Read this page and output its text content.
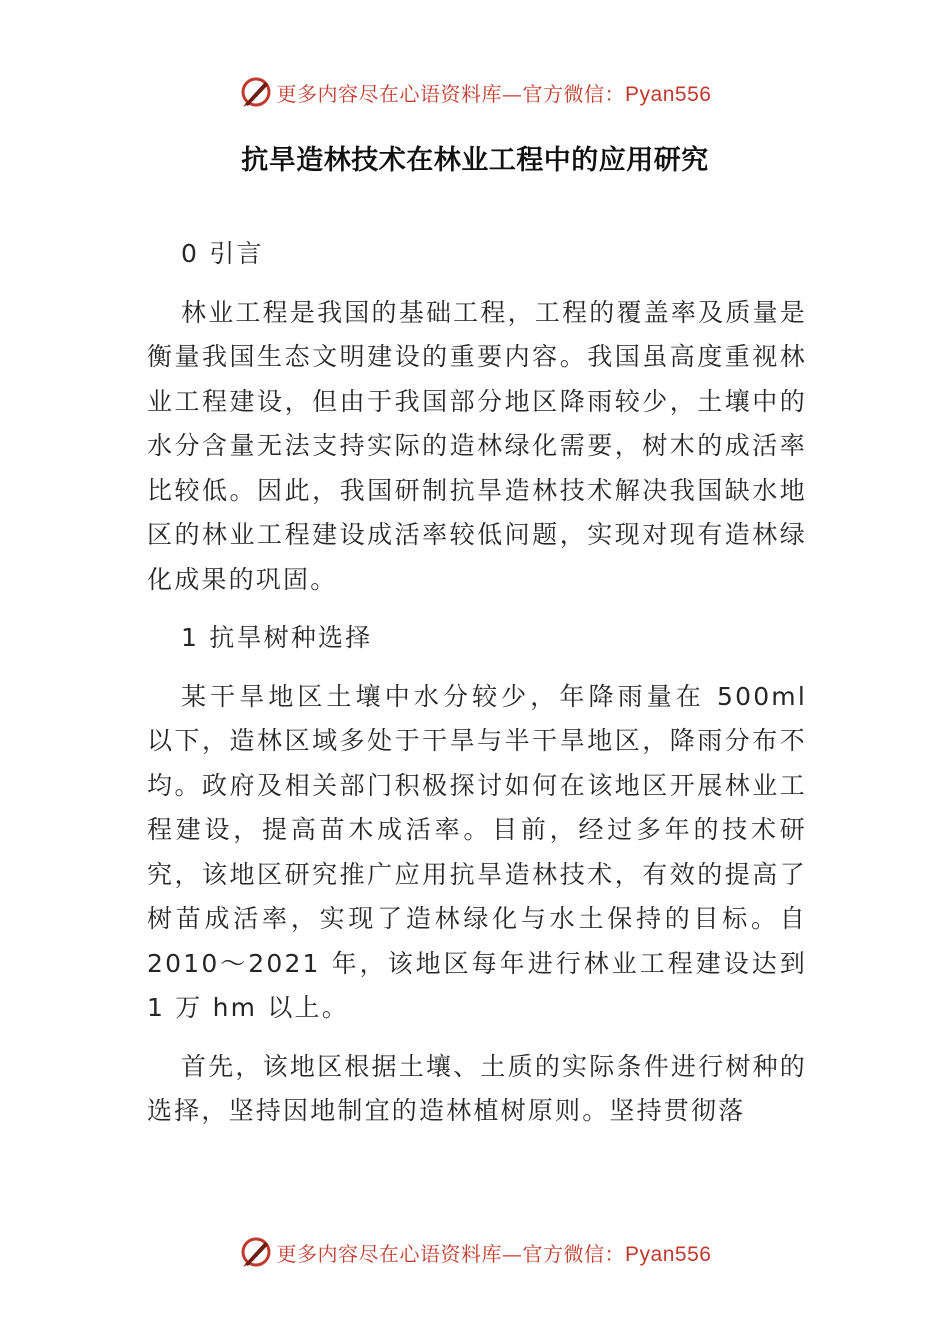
更多内容尽在心语资料库—官方微信：Pyan556
抗旱造林技术在林业工程中的应用研究

0 引言

林业工程是我国的基础工程，工程的覆盖率及质量是衡量我国生态文明建设的重要内容。我国虽高度重视林业工程建设，但由于我国部分地区降雨较少，土壤中的水分含量无法支持实际的造林绿化需要，树木的成活率比较低。因此，我国研制抗旱造林技术解决我国缺水地区的林业工程建设成活率较低问题，实现对现有造林绿化成果的巩固。

1 抗旱树种选择

某干旱地区土壤中水分较少，年降雨量在 500ml 以下，造林区域多处于干旱与半干旱地区，降雨分布不均。政府及相关部门积极探讨如何在该地区开展林业工程建设，提高苗木成活率。目前，经过多年的技术研究，该地区研究推广应用抗旱造林技术，有效的提高了树苗成活率，实现了造林绿化与水土保持的目标。自 2010～2021 年，该地区每年进行林业工程建设达到 1 万 hm 以上。

首先，该地区根据土壤、土质的实际条件进行树种的选择，坚持因地制宜的造林植树原则。坚持贯彻落

更多内容尽在心语资料库—官方微信：Pyan556
